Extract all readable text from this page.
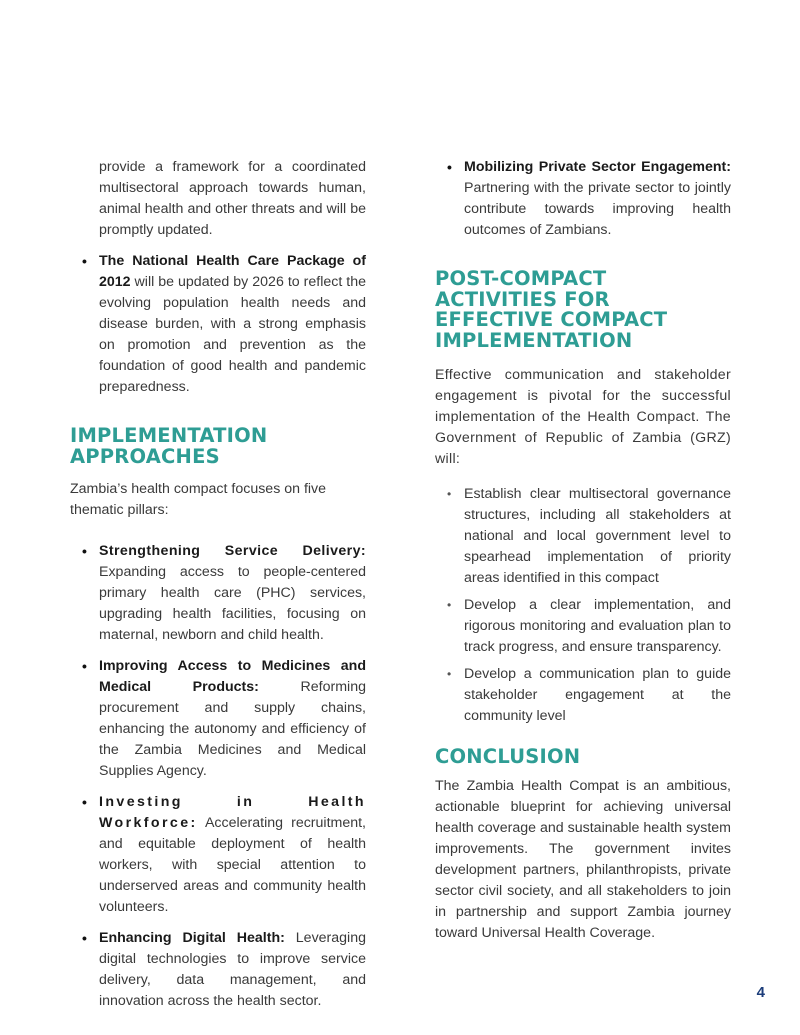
provide a framework for a coordinated multisectoral approach towards human, animal health and other threats and will be promptly updated.

• The National Health Care Package of 2012 will be updated by 2026 to reflect the evolving population health needs and disease burden, with a strong emphasis on promotion and prevention as the foundation of good health and pandemic preparedness.

IMPLEMENTATION APPROACHES

Zambia’s health compact focuses on five thematic pillars:

• Strengthening Service Delivery: Expanding access to people-centered primary health care (PHC) services, upgrading health facilities, focusing on maternal, newborn and child health.

• Improving Access to Medicines and Medical Products: Reforming procurement and supply chains, enhancing the autonomy and efficiency of the Zambia Medicines and Medical Supplies Agency.

• Investing in Health Workforce: Accelerating recruitment, and equitable deployment of health workers, with special attention to underserved areas and community health volunteers.

• Enhancing Digital Health: Leveraging digital technologies to improve service delivery, data management, and innovation across the health sector.

• Mobilizing Private Sector Engagement: Partnering with the private sector to jointly contribute towards improving health outcomes of Zambians.

POST-COMPACT ACTIVITIES FOR EFFECTIVE COMPACT IMPLEMENTATION

Effective communication and stakeholder engagement is pivotal for the successful implementation of the Health Compact. The Government of Republic of Zambia (GRZ) will:

• Establish clear multisectoral governance structures, including all stakeholders at national and local government level to spearhead implementation of priority areas identified in this compact

• Develop a clear implementation, and rigorous monitoring and evaluation plan to track progress, and ensure transparency.

• Develop a communication plan to guide stakeholder engagement at the community level

CONCLUSION

The Zambia Health Compat is an ambitious, actionable blueprint for achieving universal health coverage and sustainable health system improvements. The government invites development partners, philanthropists, private sector civil society, and all stakeholders to join in partnership and support Zambia journey toward Universal Health Coverage.

4
